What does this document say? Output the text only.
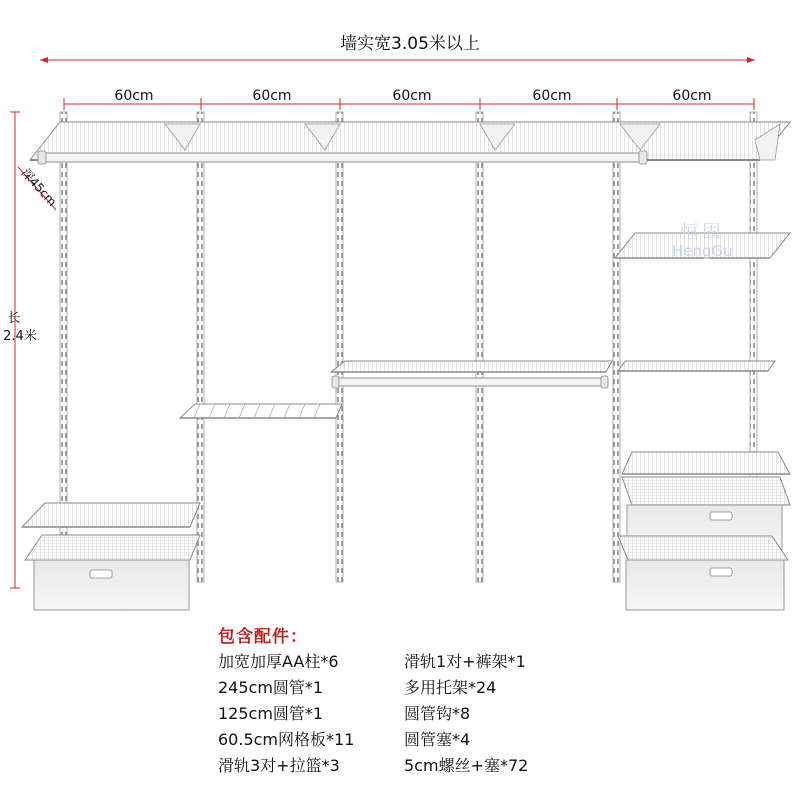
墙实宽3.05米以上
60cm	60cm	60cm	60cm	60cm
长
2.4米
深45cm
恒固
HengGu
包含配件：
加宽加厚AA柱*6	滑轨1对+裤架*1
245cm圆管*1	多用托架*24
125cm圆管*1	圆管钩*8
60.5cm网格板*11	圆管塞*4
滑轨3对+拉篮*3	5cm螺丝+塞*72
